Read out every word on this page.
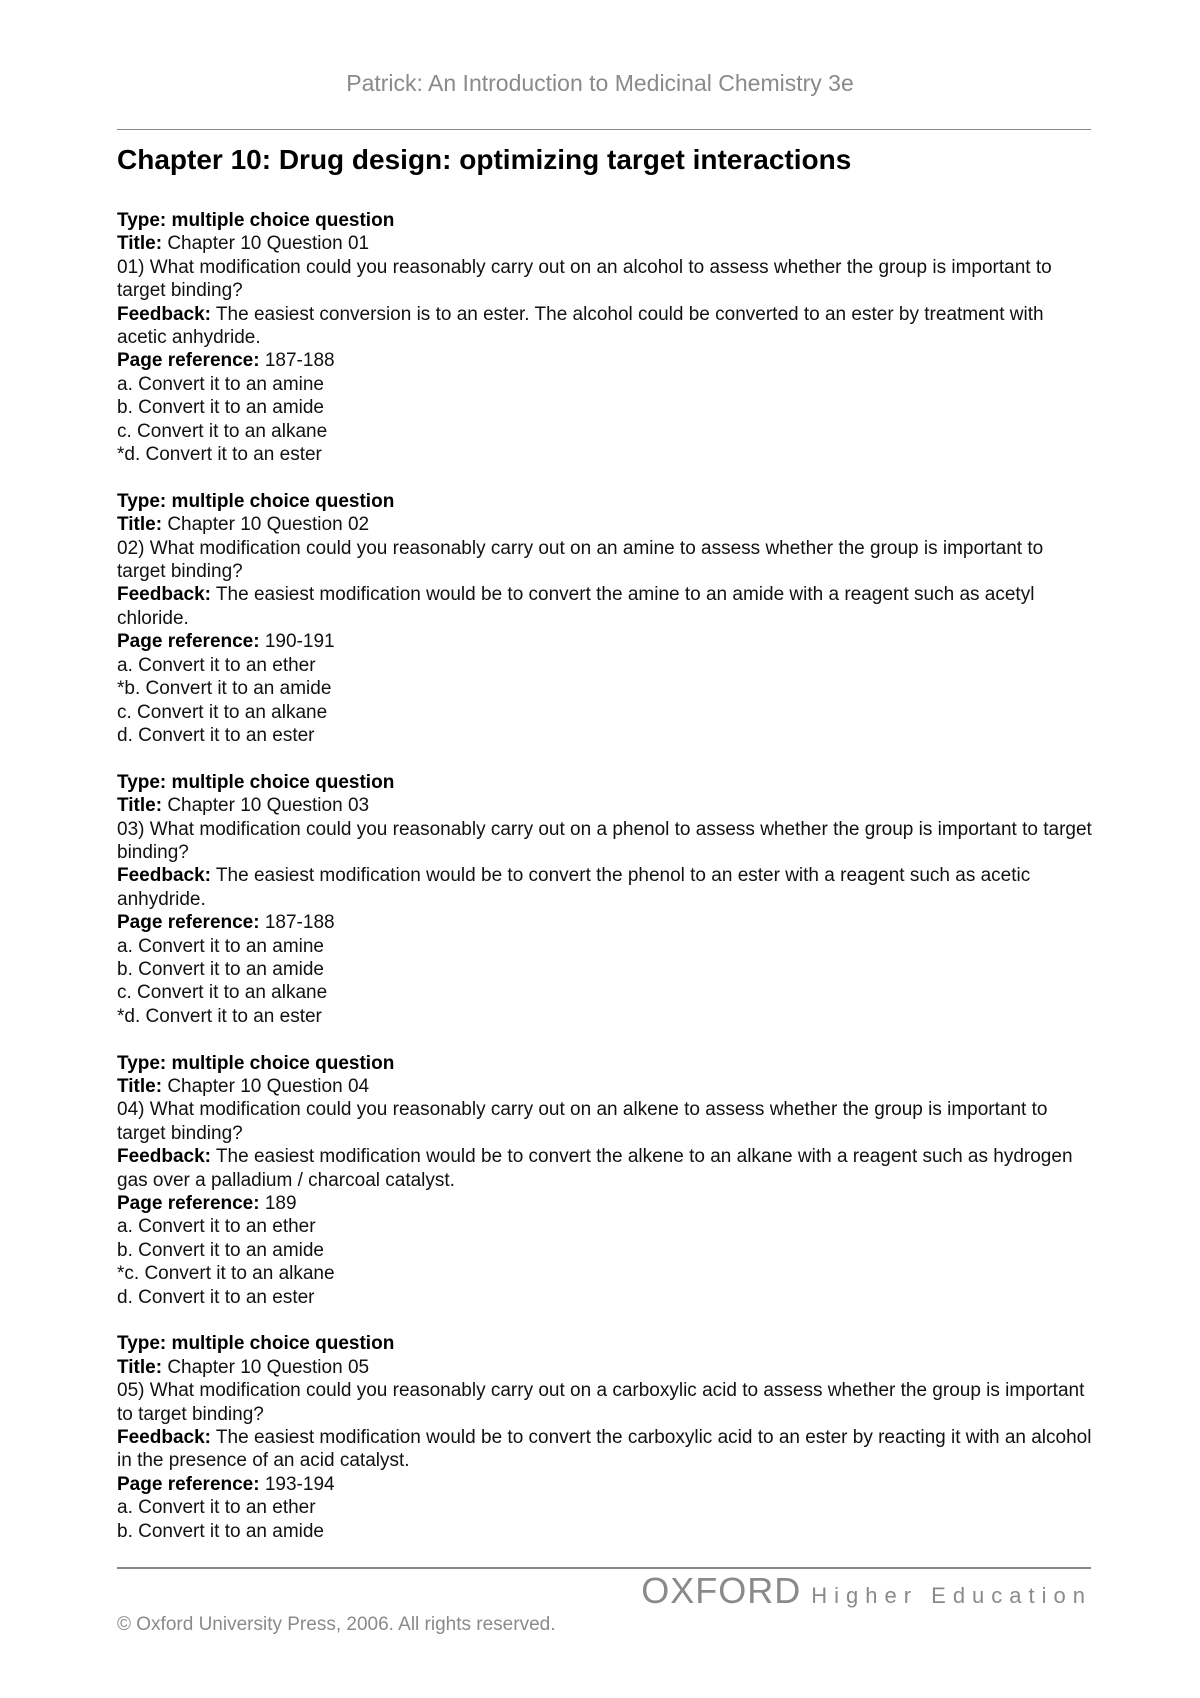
Patrick: An Introduction to Medicinal Chemistry 3e
Chapter 10: Drug design: optimizing target interactions

Type: multiple choice question

Title: Chapter 10 Question 01

01) What modification could you reasonably carry out on an alcohol to assess whether the group is important to target binding?

Feedback: The easiest conversion is to an ester. The alcohol could be converted to an ester by treatment with acetic anhydride.

Page reference: 187-188

a. Convert it to an amine

b. Convert it to an amide

c. Convert it to an alkane

*d. Convert it to an ester

Type: multiple choice question

Title: Chapter 10 Question 02

02) What modification could you reasonably carry out on an amine to assess whether the group is important to target binding?

Feedback: The easiest modification would be to convert the amine to an amide with a reagent such as acetyl chloride.

Page reference: 190-191

a. Convert it to an ether

*b. Convert it to an amide

c. Convert it to an alkane

d. Convert it to an ester

Type: multiple choice question

Title: Chapter 10 Question 03

03) What modification could you reasonably carry out on a phenol to assess whether the group is important to target binding?

Feedback: The easiest modification would be to convert the phenol to an ester with a reagent such as acetic anhydride.

Page reference: 187-188

a. Convert it to an amine

b. Convert it to an amide

c. Convert it to an alkane

*d. Convert it to an ester

Type: multiple choice question

Title: Chapter 10 Question 04

04) What modification could you reasonably carry out on an alkene to assess whether the group is important to target binding?

Feedback: The easiest modification would be to convert the alkene to an alkane with a reagent such as hydrogen gas over a palladium / charcoal catalyst.

Page reference: 189

a. Convert it to an ether

b. Convert it to an amide

*c. Convert it to an alkane

d. Convert it to an ester

Type: multiple choice question

Title: Chapter 10 Question 05

05) What modification could you reasonably carry out on a carboxylic acid to assess whether the group is important to target binding?

Feedback: The easiest modification would be to convert the carboxylic acid to an ester by reacting it with an alcohol in the presence of an acid catalyst.

Page reference: 193-194

a. Convert it to an ether

b. Convert it to an amide

OXFORD Higher Education
© Oxford University Press, 2006. All rights reserved.
